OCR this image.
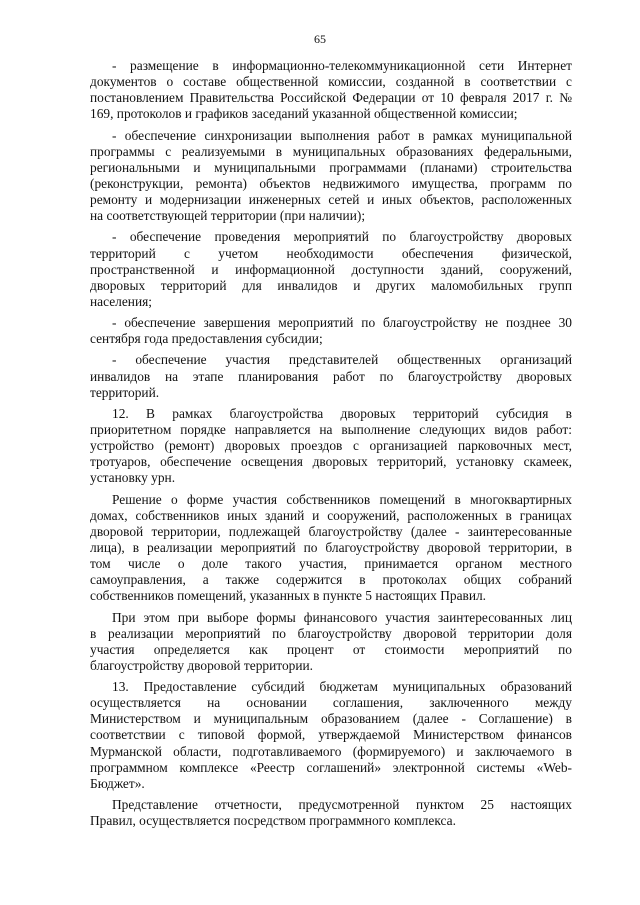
65
- размещение в информационно-телекоммуникационной сети Интернет
документов о составе общественной комиссии, созданной в соответствии с
постановлением Правительства Российской Федерации от 10 февраля 2017 г. №
169, протоколов и графиков заседаний указанной общественной комиссии;
- обеспечение синхронизации выполнения работ в рамках муниципальной
программы с реализуемыми в муниципальных образованиях федеральными,
региональными и муниципальными программами (планами) строительства
(реконструкции, ремонта) объектов недвижимого имущества, программ по
ремонту и модернизации инженерных сетей и иных объектов, расположенных
на соответствующей территории (при наличии);
- обеспечение проведения мероприятий по благоустройству дворовых
территорий с учетом необходимости обеспечения физической,
пространственной и информационной доступности зданий, сооружений,
дворовых территорий для инвалидов и других маломобильных групп
населения;
- обеспечение завершения мероприятий по благоустройству не позднее 30
сентября года предоставления субсидии;
- обеспечение участия представителей общественных организаций
инвалидов на этапе планирования работ по благоустройству дворовых
территорий.
12. В рамках благоустройства дворовых территорий субсидия в
приоритетном порядке направляется на выполнение следующих видов работ:
устройство (ремонт) дворовых проездов с организацией парковочных мест,
тротуаров, обеспечение освещения дворовых территорий, установку скамеек,
установку урн.
Решение о форме участия собственников помещений в многоквартирных
домах, собственников иных зданий и сооружений, расположенных в границах
дворовой территории, подлежащей благоустройству (далее - заинтересованные
лица), в реализации мероприятий по благоустройству дворовой территории, в
том числе о доле такого участия, принимается органом местного
самоуправления, а также содержится в протоколах общих собраний
собственников помещений, указанных в пункте 5 настоящих Правил.
При этом при выборе формы финансового участия заинтересованных лиц
в реализации мероприятий по благоустройству дворовой территории доля
участия определяется как процент от стоимости мероприятий по
благоустройству дворовой территории.
13. Предоставление субсидий бюджетам муниципальных образований
осуществляется на основании соглашения, заключенного между
Министерством и муниципальным образованием (далее - Соглашение) в
соответствии с типовой формой, утверждаемой Министерством финансов
Мурманской области, подготавливаемого (формируемого) и заключаемого в
программном комплексе «Реестр соглашений» электронной системы «Web-
Бюджет».
Представление отчетности, предусмотренной пунктом 25 настоящих
Правил, осуществляется посредством программного комплекса.
